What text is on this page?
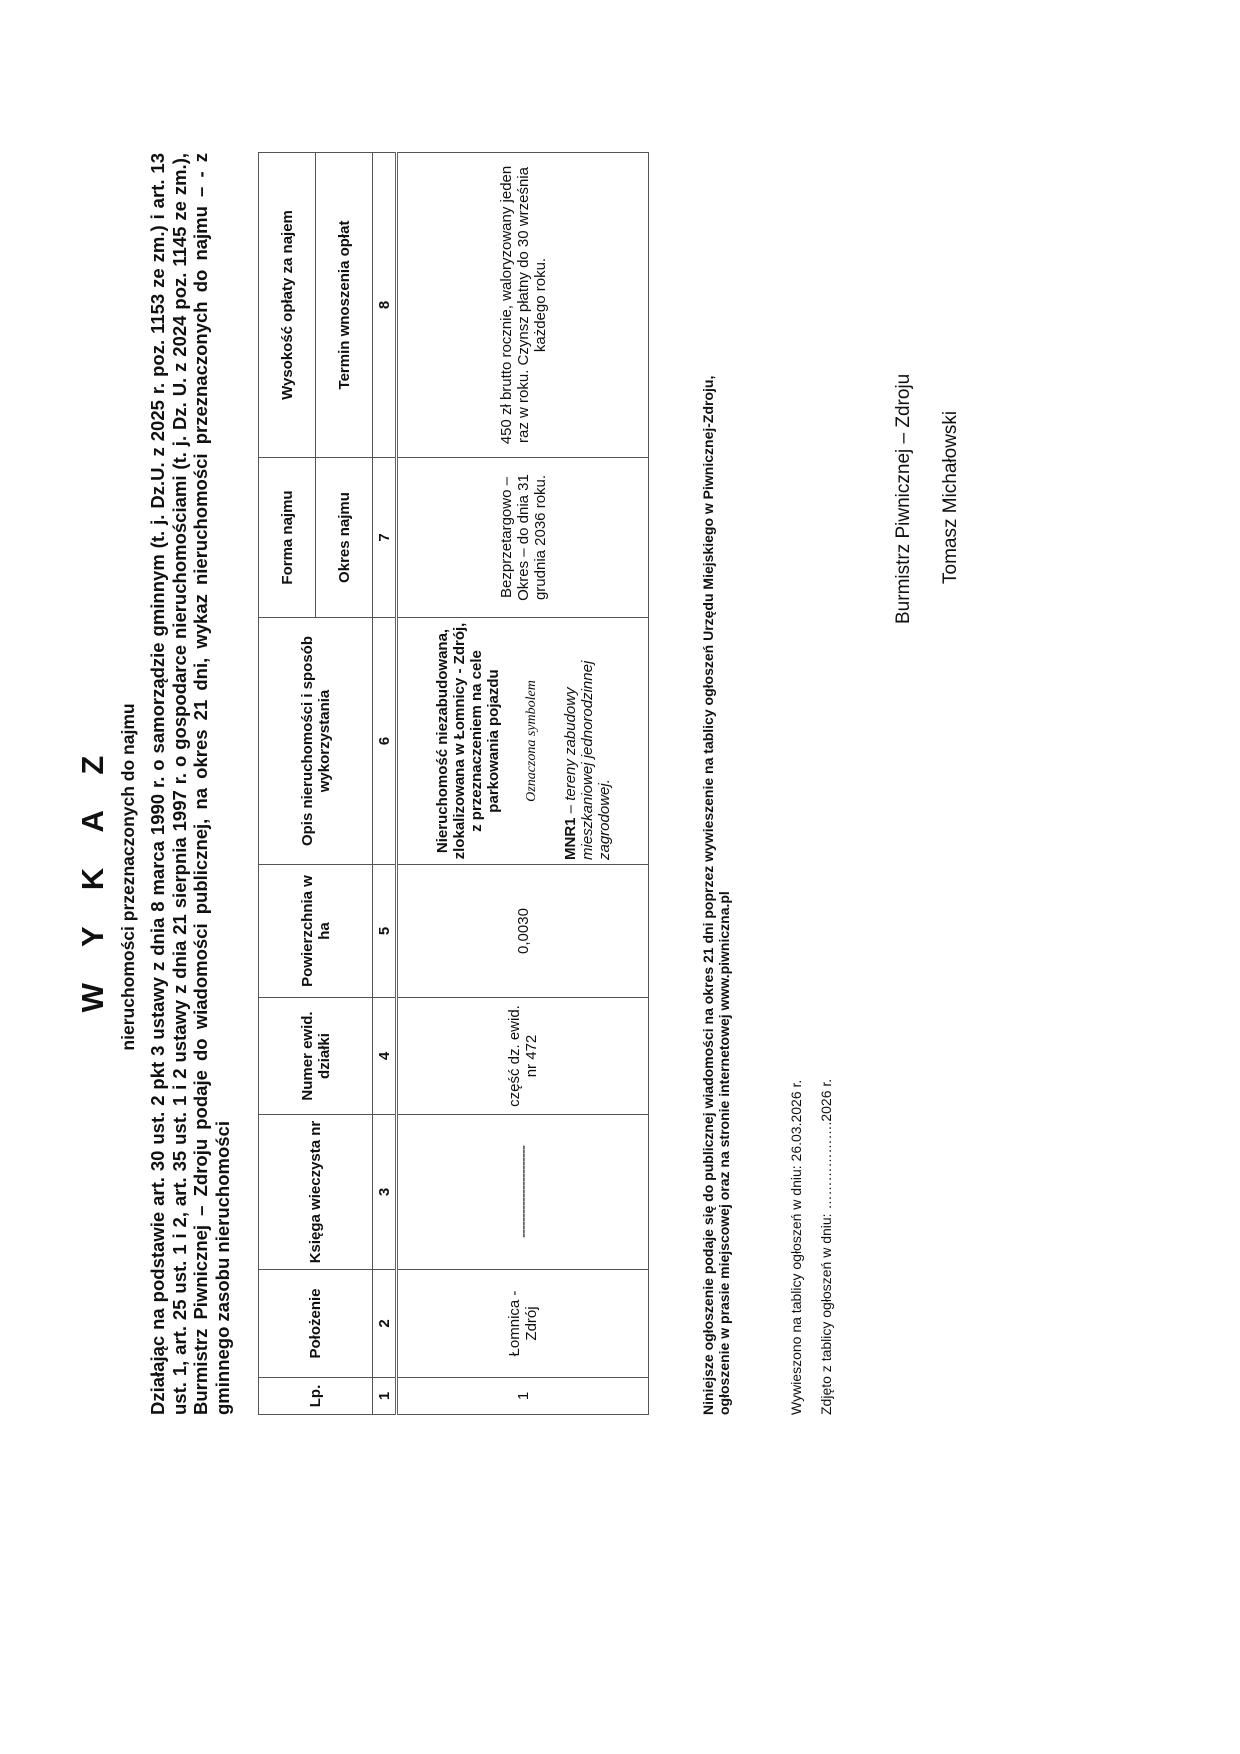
W Y K A Z nieruchomości przeznaczonych do najmu Działając na podstawie art. 30 ust. 2 pkt 3 ustawy z dnia 8 marca 1990 r. o samorządzie gminnym (t. j. Dz.U. z 2025 r. poz. 1153 ze zm.) i art. 13 ust. 1, art. 25 ust. 1 i 2, art. 35 ust. 1 i 2 ustawy z dnia 21 sierpnia 1997 r. o gospodarce nieruchomościami (t. j. Dz. U. z 2024 poz. 1145 ze zm.), Burmistrz Piwnicznej – Zdroju podaje do wiadomości publicznej, na okres 21 dni, wykaz nieruchomości przeznaczonych do najmu – - z gminnego zasobu nieruchomości	Lp.	Położenie	Księga wieczysta nr	Numer ewid. działki	Powierzchnia w ha	Opis nieruchomości i sposób wykorzystania	Forma najmu	Wysokość opłaty za najem
						Okres najmu	Termin wnoszenia opłat
1	2	3	4	5	6	7	8
1	Łomnica - Zdrój	-----------------------	część dz. ewid. nr 472	0,0030	Nieruchomość niezabudowana, zlokalizowana w Łomnicy - Zdrój, z przeznaczeniem na cele parkowania pojazdu Oznaczona symbolem
MNR1 – tereny zabudowy mieszkaniowej jednorodzinnej zagrodowej.	Bezprzetargowo – Okres – do dnia 31 grudnia 2036 roku.	450 zł brutto rocznie, waloryzowany jeden raz w roku. Czynsz płatny do 30 września każdego roku.

Niniejsze ogłoszenie podaje się do publicznej wiadomości na okres 21 dni poprzez wywieszenie na tablicy ogłoszeń Urzędu Miejskiego w Piwnicznej-Zdroju, ogłoszenie w prasie miejscowej oraz na stronie internetowej www.piwniczna.pl	Wywieszono na tablicy ogłoszeń w dniu: 26.03.2026 r. Zdjęto z tablicy ogłoszeń w dniu: ……………….2026 r.
Burmistrz Piwnicznej – Zdroju Tomasz Michałowski
